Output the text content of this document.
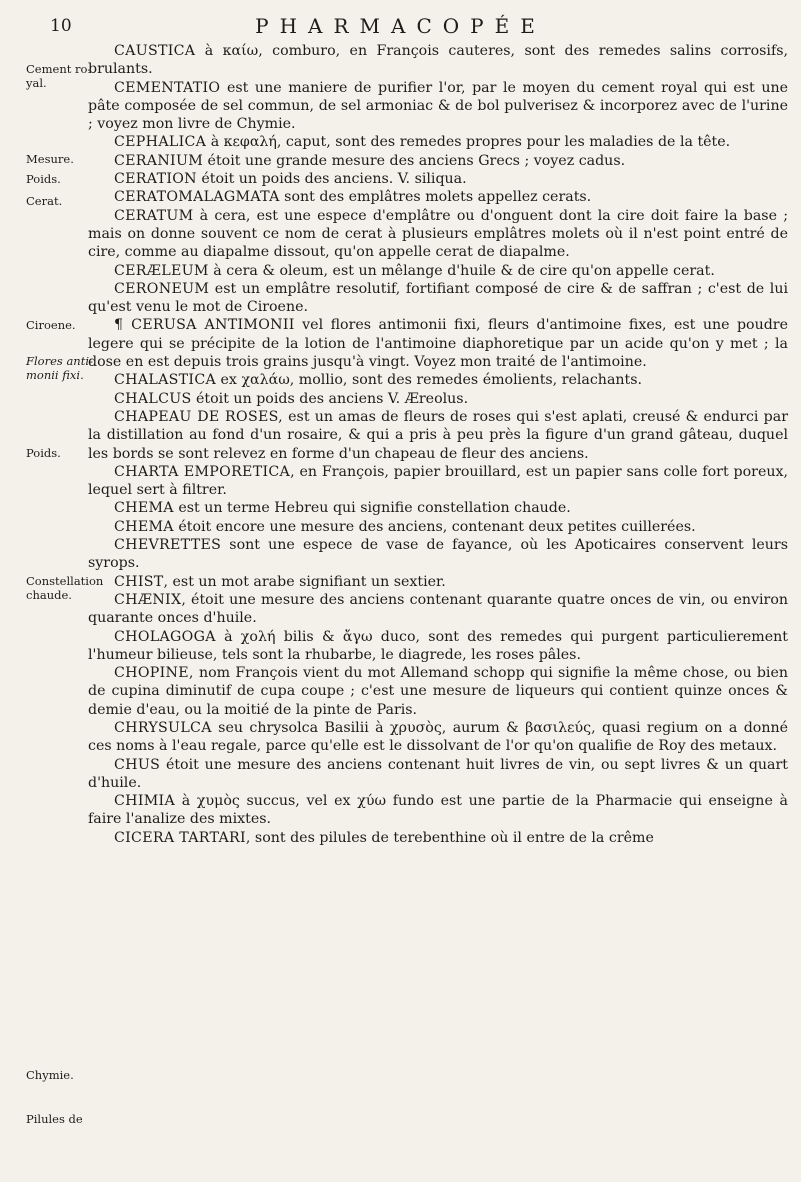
10	PHARMACOPÉE
Cement ro-
yal.
Mesure.
Poids.
Cerat.
Ciroene.
Flores anti-
monii fixi.
Poids.
Constellation
chaude.
Chymie.
Pilules de

CAUSTICA à καίω, comburo, en François cauteres, sont des remedes salins corrosifs, brulants.

CEMENTATIO est une maniere de purifier l'or, par le moyen du cement royal qui est une pâte composée de sel commun, de sel armoniac & de bol pulverisez & incorporez avec de l'urine ; voyez mon livre de Chymie.

CEPHALICA à κεφαλή, caput, sont des remedes propres pour les maladies de la tête.

CERANIUM étoit une grande mesure des anciens Grecs ; voyez cadus.

CERATION étoit un poids des anciens. V. siliqua.

CERATOMALAGMATA sont des emplâtres molets appellez cerats.

CERATUM à cera, est une espece d'emplâtre ou d'onguent dont la cire doit faire la base ; mais on donne souvent ce nom de cerat à plusieurs emplâtres molets où il n'est point entré de cire, comme au diapalme dissout, qu'on appelle cerat de diapalme.

CERÆLEUM à cera & oleum, est un mêlange d'huile & de cire qu'on appelle cerat.

CERONEUM est un emplâtre resolutif, fortifiant composé de cire & de saffran ; c'est de lui qu'est venu le mot de Ciroene.

¶ CERUSA ANTIMONII vel flores antimonii fixi, fleurs d'antimoine fixes, est une poudre legere qui se précipite de la lotion de l'antimoine diaphoretique par un acide qu'on y met ; la dose en est depuis trois grains jusqu'à vingt. Voyez mon traité de l'antimoine.

CHALASTICA ex χαλάω, mollio, sont des remedes émolients, relachants.

CHALCUS étoit un poids des anciens V. Æreolus.

CHAPEAU DE ROSES, est un amas de fleurs de roses qui s'est aplati, creusé & endurci par la distillation au fond d'un rosaire, & qui a pris à peu près la figure d'un grand gâteau, duquel les bords se sont relevez en forme d'un chapeau de fleur des anciens.

CHARTA EMPORETICA, en François, papier brouillard, est un papier sans colle fort poreux, lequel sert à filtrer.

CHEMA est un terme Hebreu qui signifie constellation chaude.

CHEMA étoit encore une mesure des anciens, contenant deux petites cuillerées.

CHEVRETTES sont une espece de vase de fayance, où les Apoticaires conservent leurs syrops.

CHIST, est un mot arabe signifiant un sextier.

CHÆNIX, étoit une mesure des anciens contenant quarante quatre onces de vin, ou environ quarante onces d'huile.

CHOLAGOGA à χολή bilis & ἄγω duco, sont des remedes qui purgent particulierement l'humeur bilieuse, tels sont la rhubarbe, le diagrede, les roses pâles.

CHOPINE, nom François vient du mot Allemand schopp qui signifie la même chose, ou bien de cupina diminutif de cupa coupe ; c'est une mesure de liqueurs qui contient quinze onces & demie d'eau, ou la moitié de la pinte de Paris.

CHRYSULCA seu chrysolca Basilii à χρυσὸς, aurum & βασιλεύς, quasi regium on a donné ces noms à l'eau regale, parce qu'elle est le dissolvant de l'or qu'on qualifie de Roy des metaux.

CHUS étoit une mesure des anciens contenant huit livres de vin, ou sept livres & un quart d'huile.

CHIMIA à χυμὸς succus, vel ex χύω fundo est une partie de la Pharmacie qui enseigne à faire l'analize des mixtes.

CICERA TARTARI, sont des pilules de terebenthine où il entre de la crême
